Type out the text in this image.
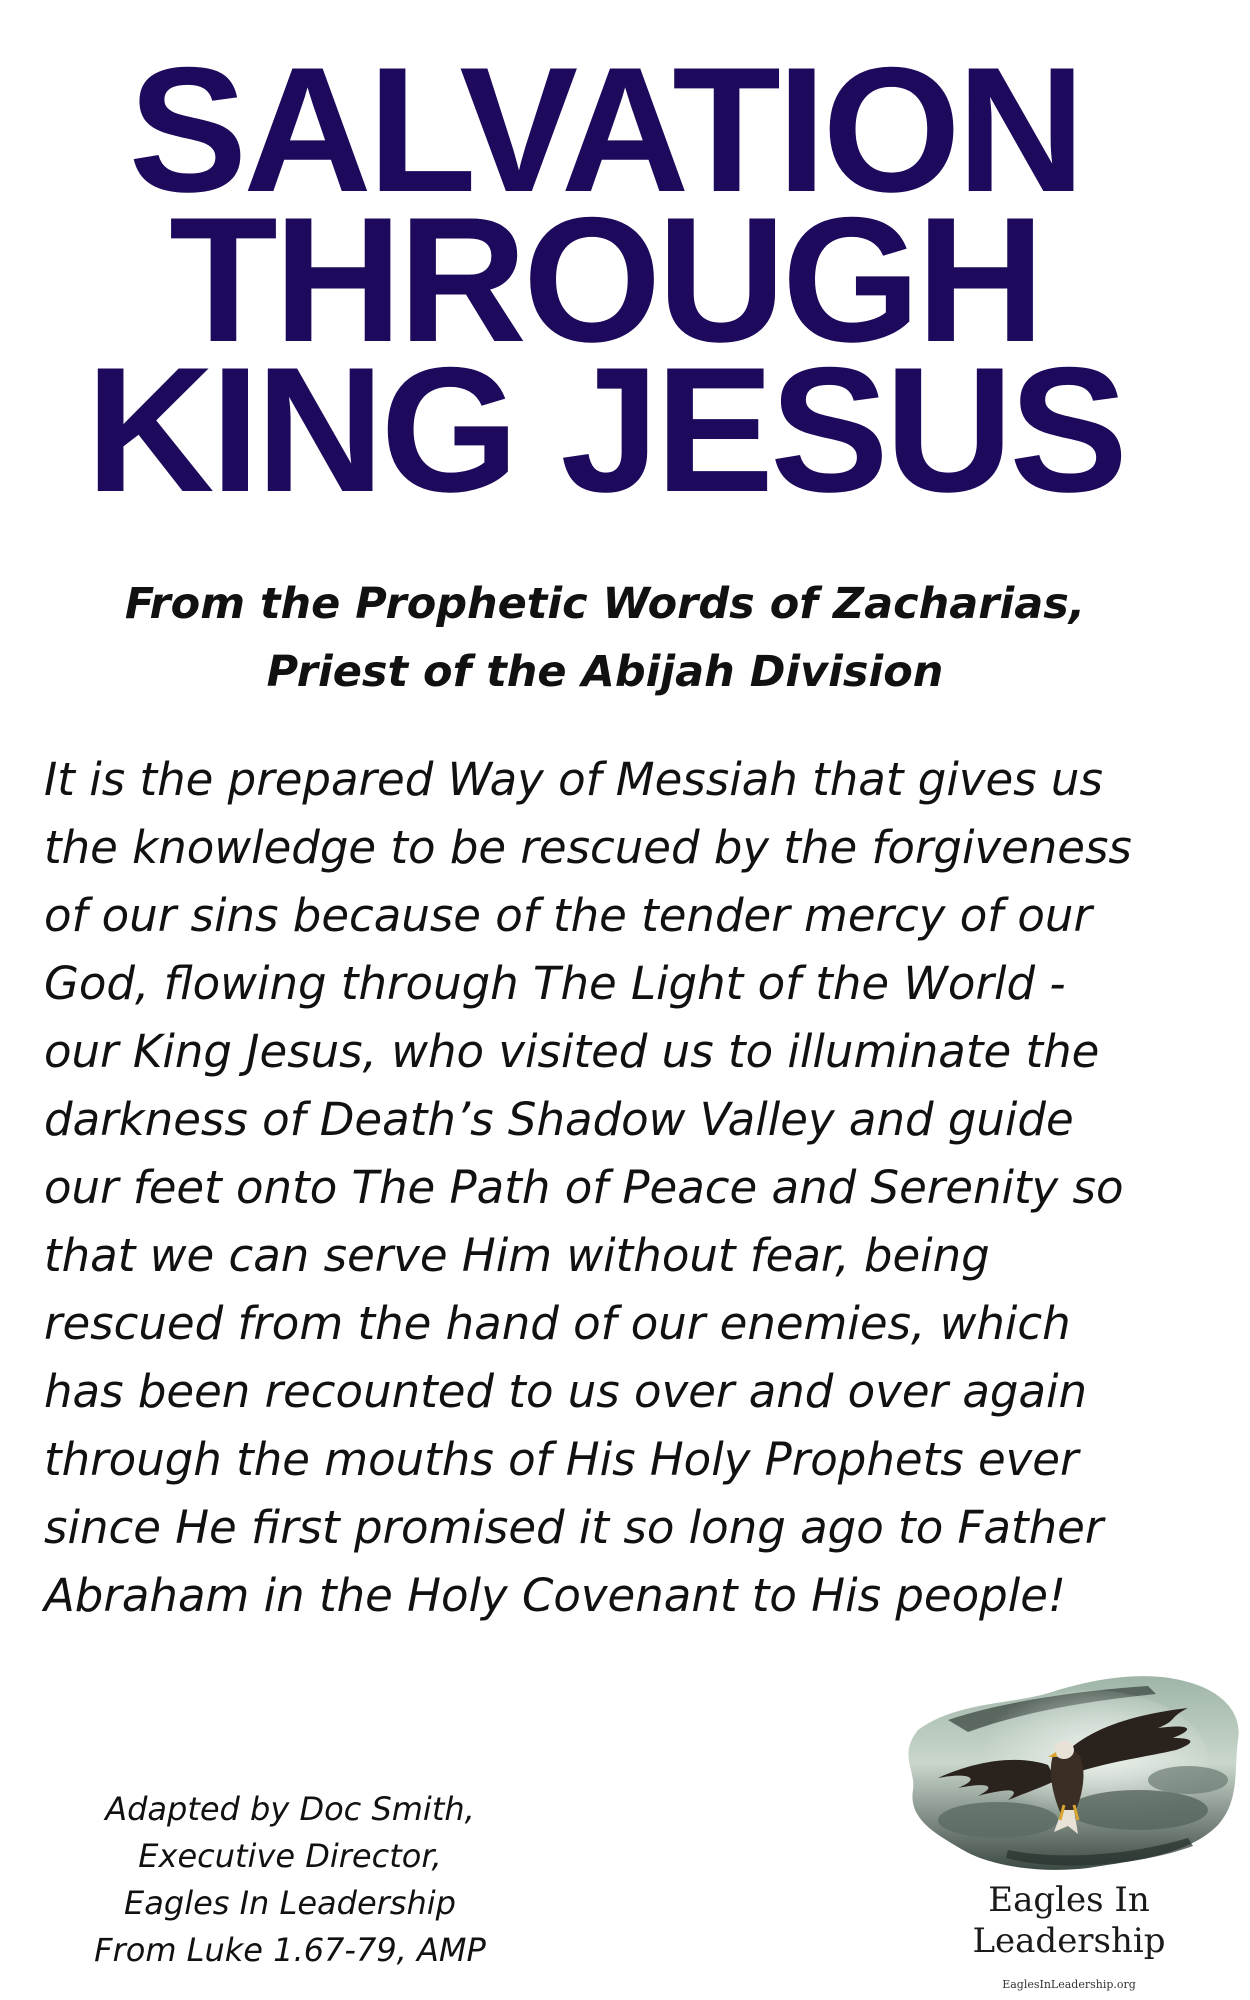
SALVATION
THROUGH
KING JESUS
From the Prophetic Words of Zacharias,
Priest of the Abijah Division
It is the prepared Way of Messiah that gives us
the knowledge to be rescued by the forgiveness
of our sins because of the tender mercy of our
God, flowing through The Light of the World -
our King Jesus, who visited us to illuminate the
darkness of Death’s Shadow Valley and guide
our feet onto The Path of Peace and Serenity so
that we can serve Him without fear, being
rescued from the hand of our enemies, which
has been recounted to us over and over again
through the mouths of His Holy Prophets ever
since He first promised it so long ago to Father
Abraham in the Holy Covenant to His people!
Adapted by Doc Smith,
Executive Director,
Eagles In Leadership
From Luke 1.67-79, AMP
Eagles In
Leadership
EaglesInLeadership.org
